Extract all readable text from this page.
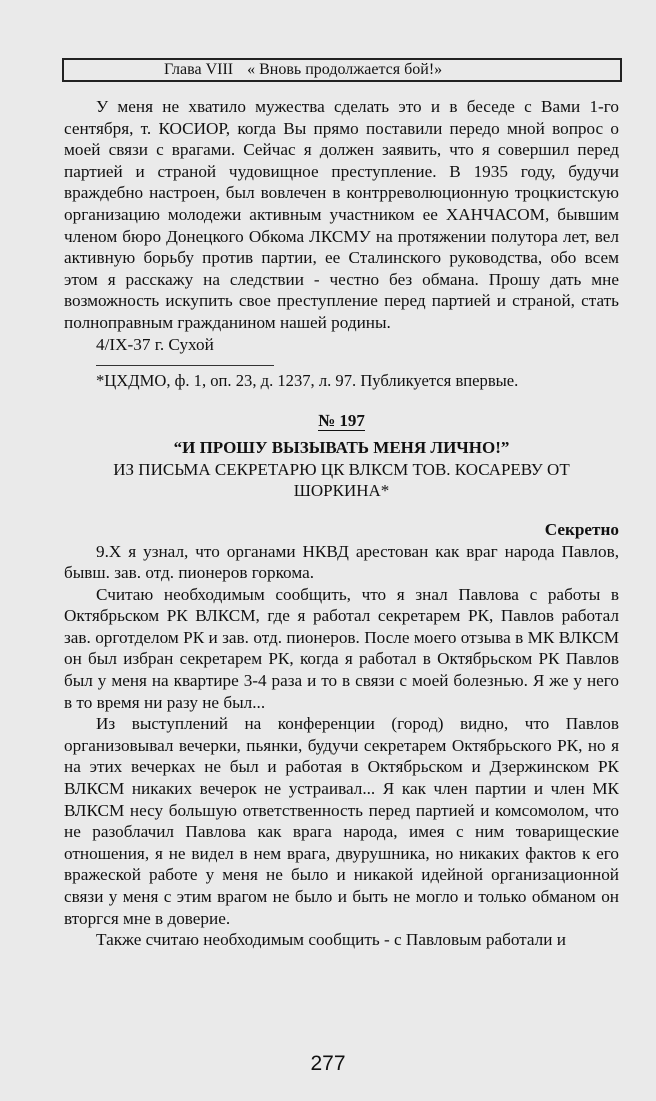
Глава VIII « Вновь продолжается бой!»

У меня не хватило мужества сделать это и в беседе с Вами 1-го сентября, т. КОСИОР, когда Вы прямо поставили передо мной вопрос о моей связи с врагами. Сейчас я должен заявить, что я совершил перед партией и страной чудовищное преступление. В 1935 году, будучи враждебно настроен, был вовлечен в контрреволюционную троцкистскую организацию молодежи активным участником ее ХАНЧАСОМ, бывшим членом бюро Донецкого Обкома ЛКСМУ на протяжении полутора лет, вел активную борьбу против партии, ее Сталинского руководства, обо всем этом я расскажу на следствии - честно без обмана. Прошу дать мне возможность искупить свое преступление перед партией и страной, стать полноправным гражданином нашей родины.

4/IX-37 г. Сухой

*ЦХДМО, ф. 1, оп. 23, д. 1237, л. 97. Публикуется впервые.

№ 197

“И ПРОШУ ВЫЗЫВАТЬ МЕНЯ ЛИЧНО!”

ИЗ ПИСЬМА СЕКРЕТАРЮ ЦК ВЛКСМ ТОВ. КОСАРЕВУ ОТ ШОРКИНА*

Секретно

9.X я узнал, что органами НКВД арестован как враг народа Павлов, бывш. зав. отд. пионеров горкома.

Считаю необходимым сообщить, что я знал Павлова с работы в Октябрьском РК ВЛКСМ, где я работал секретарем РК, Павлов работал зав. орготделом РК и зав. отд. пионеров. После моего отзыва в МК ВЛКСМ он был избран секретарем РК, когда я работал в Октябрьском РК Павлов был у меня на квартире 3-4 раза и то в связи с моей болезнью. Я же у него в то время ни разу не был...

Из выступлений на конференции (город) видно, что Павлов организовывал вечерки, пьянки, будучи секретарем Октябрьского РК, но я на этих вечерках не был и работая в Октябрьском и Дзержинском РК ВЛКСМ никаких вечерок не устраивал... Я как член партии и член МК ВЛКСМ несу большую ответственность перед партией и комсомолом, что не разоблачил Павлова как врага народа, имея с ним товарищеские отношения, я не видел в нем врага, двурушника, но никаких фактов к его вражеской работе у меня не было и никакой идейной организационной связи у меня с этим врагом не было и быть не могло и только обманом он вторгся мне в доверие.

Также считаю необходимым сообщить - с Павловым работали и

277
